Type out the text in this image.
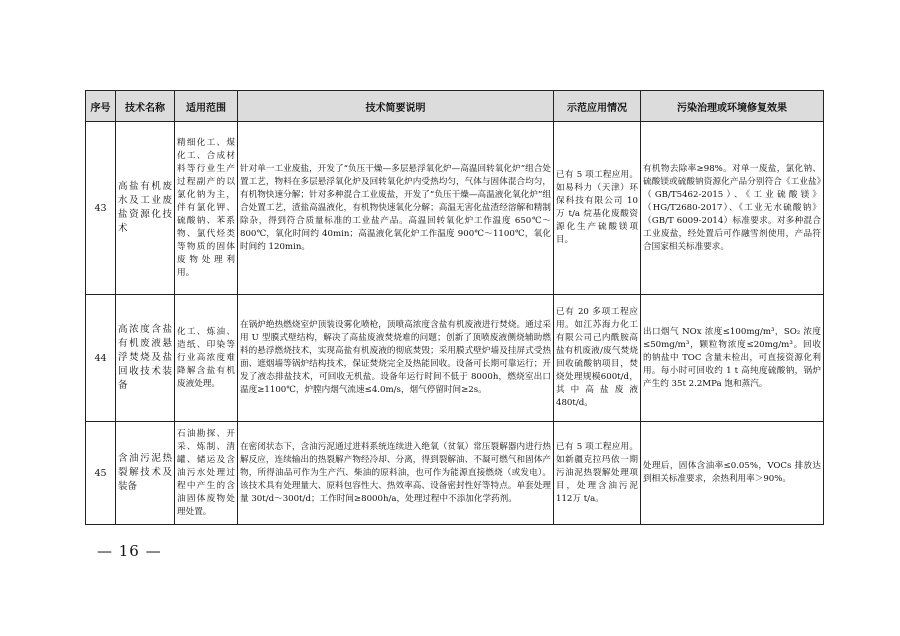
序号	技术名称	适用范围	技术简要说明	示范应用情况	污染治理或环境修复效果
43	高盐有机废水及工业废盐资源化技术	精细化工、煤化工、合成材料等行业生产过程副产的以氯化钠为主，伴有氯化钾、硫酸钠、苯系物、氯代烃类等物质的固体废物处理利用。	针对单一工业废盐，开发了“负压干燥—多层悬浮氧化炉—高温回转氧化炉”组合处置工艺，物料在多层悬浮氧化炉及回转氧化炉内受热均匀，气体与固体混合均匀，有机物快速分解；针对多种混合工业废盐，开发了“负压干燥—高温液化氧化炉”组合处置工艺，渣盐高温液化，有机物快速氧化分解；高温无害化盐渣经溶解和精制除杂，得到符合质量标准的工业盐产品。高温回转氧化炉工作温度 650℃～800℃，氧化时间约 40min；高温液化氧化炉工作温度 900℃～1100℃，氧化时间约 120min。	已有 5 项工程应用。如易科力（天津）环保科技有限公司 10 万 t/a 烷基化废酸资源化生产硫酸镁项目。	有机物去除率≥98%。对单一废盐，氯化钠、硫酸镁或硫酸钠资源化产品分别符合《工业盐》（GB/T5462-2015）、《工业硫酸镁》（HG/T2680-2017）、《工业无水硫酸钠》（GB/T 6009-2014）标准要求。对多种混合工业废盐，经处置后可作融雪剂使用，产品符合国家相关标准要求。
44	高浓度含盐有机废液悬浮焚烧及盐回收技术装备	化工、炼油、造纸、印染等行业高浓度难降解含盐有机废液处理。	在锅炉绝热燃烧室炉顶装设雾化喷枪，顶喷高浓度含盐有机废液进行焚烧。通过采用 U 型膜式壁结构，解决了高盐废液焚烧难的问题；创新了顶喷废液侧烧辅助燃料的悬浮燃烧技术，实现高盐有机废液的彻底焚毁；采用膜式壁炉墙及挂屏式受热面、遮烟墙等锅炉结构技术，保证焚烧完全及热能回收。设备可长期可靠运行；开发了液态排盐技术，可回收无机盐。设备年运行时间不低于 8000h，燃烧室出口温度≥1100℃，炉膛内烟气流速≤4.0m/s，烟气停留时间≥2s。	已有 20 多项工程应用。如江苏海力化工有限公司己内酰胺高盐有机废液/废气焚烧回收硫酸钠项目，焚烧处理规模600t/d，其中高盐废液 480t/d。	出口烟气 NOx 浓度≤100mg/m³，SO₂ 浓度≤50mg/m³，颗粒物浓度≤20mg/m³。回收的钠盐中 TOC 含量未检出，可直接资源化利用。每小时可回收约 1 t 高纯度硫酸钠，锅炉产生约 35t 2.2MPa 饱和蒸汽。
45	含油污泥热裂解技术及装备	石油勘探、开采、炼制、清罐、储运及含油污水处理过程中产生的含油固体废物处理处置。	在密闭状态下，含油污泥通过进料系统连续进入绝氧（贫氧）常压裂解器内进行热解反应，连续输出的热裂解产物经冷却、分离，得到裂解油、不凝可燃气和固体产物，所得油品可作为生产汽、柴油的原料油，也可作为能源直接燃烧（或发电）。该技术具有处理量大、原料包容性大、热效率高、设备密封性好等特点。单套处理量 30t/d～300t/d；工作时间≥8000h/a，处理过程中不添加化学药剂。	已有 5 项工程应用。如新疆克拉玛依一期污油泥热裂解处理项目，处理含油污泥 112万 t/a。	处理后，固体含油率≤0.05%，VOCs 排放达到相关标准要求，余热利用率＞90%。
— 16 —
